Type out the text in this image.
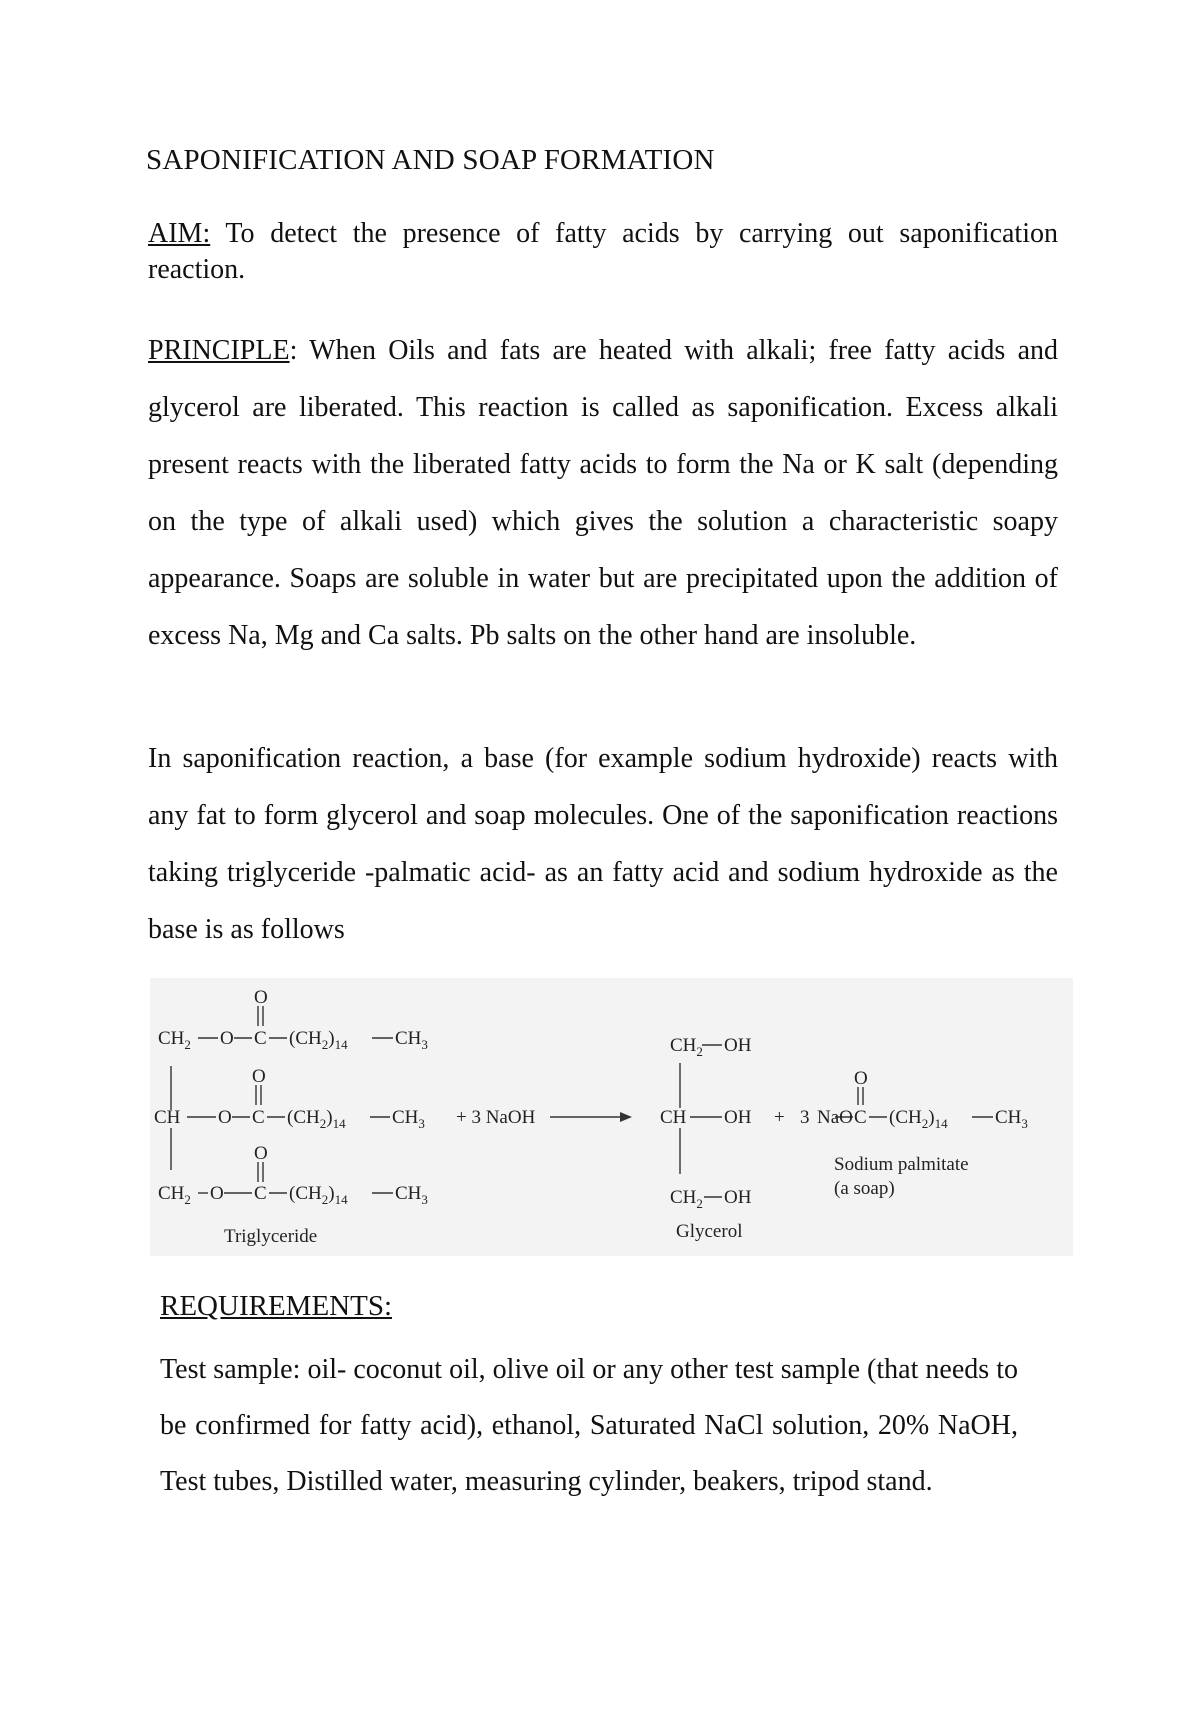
SAPONIFICATION AND SOAP FORMATION
AIM: To detect the presence of fatty acids by carrying out saponification reaction.
PRINCIPLE: When Oils and fats are heated with alkali; free fatty acids and glycerol are liberated. This reaction is called as saponification. Excess alkali present reacts with the liberated fatty acids to form the Na or K salt (depending on the type of alkali used) which gives the solution a characteristic soapy appearance. Soaps are soluble in water but are precipitated upon the addition of excess Na, Mg and Ca salts. Pb salts on the other hand are insoluble.
In saponification reaction, a base (for example sodium hydroxide) reacts with any fat to form glycerol and soap molecules. One of the saponification reactions taking triglyceride -palmatic acid- as an fatty acid and sodium hydroxide as the base is as follows
O
$CH_2$ O C $(CH_2)_{14}$ $CH_3$
O
CH O C $(CH_2)_{14}$ $CH_3$
O
$CH_2$ O C $(CH_2)_{14}$ $CH_3$
Triglyceride
+ 3 NaOH
$CH_2$ OH
CH OH
$CH_2$ OH
Glycerol
+ 3 NaO
O
C $(CH_2)_{14}$ $CH_3$
Sodium palmitate
(a soap)
REQUIREMENTS:
Test sample: oil- coconut oil, olive oil or any other test sample (that needs to be confirmed for fatty acid), ethanol, Saturated NaCl solution, 20% NaOH, Test tubes, Distilled water, measuring cylinder, beakers, tripod stand.
